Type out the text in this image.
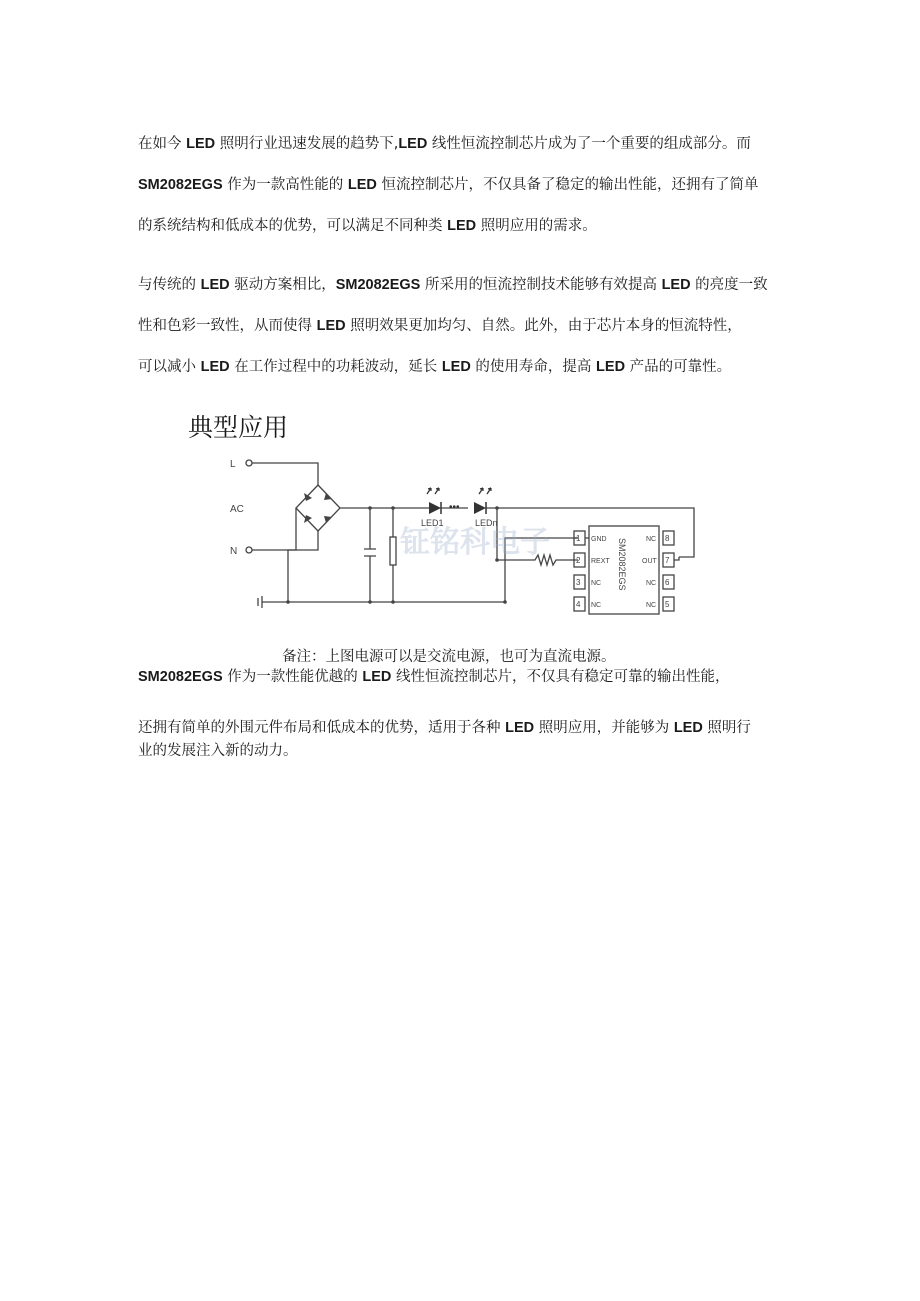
在如今 LED 照明行业迅速发展的趋势下,LED 线性恒流控制芯片成为了一个重要的组成部分。而
SM2082EGS 作为一款高性能的 LED 恒流控制芯片，不仅具备了稳定的输出性能，还拥有了简单
的系统结构和低成本的优势，可以满足不同种类 LED 照明应用的需求。
与传统的 LED 驱动方案相比，SM2082EGS 所采用的恒流控制技术能够有效提高 LED 的亮度一致
性和色彩一致性，从而使得 LED 照明效果更加均匀、自然。此外，由于芯片本身的恒流特性，
可以减小 LED 在工作过程中的功耗波动，延长 LED 的使用寿命，提高 LED 产品的可靠性。
典型应用
•••
钲铭科电子
L
AC
N
LED1	LEDn
1
2
3
4
8
7
6
5
GND
REXT
NC
NC
NC
OUT
NC
NC
SM2082EGS
备注：上图电源可以是交流电源，也可为直流电源。
SM2082EGS 作为一款性能优越的 LED 线性恒流控制芯片，不仅具有稳定可靠的输出性能，
还拥有简单的外围元件布局和低成本的优势，适用于各种 LED 照明应用，并能够为 LED 照明行
业的发展注入新的动力。
